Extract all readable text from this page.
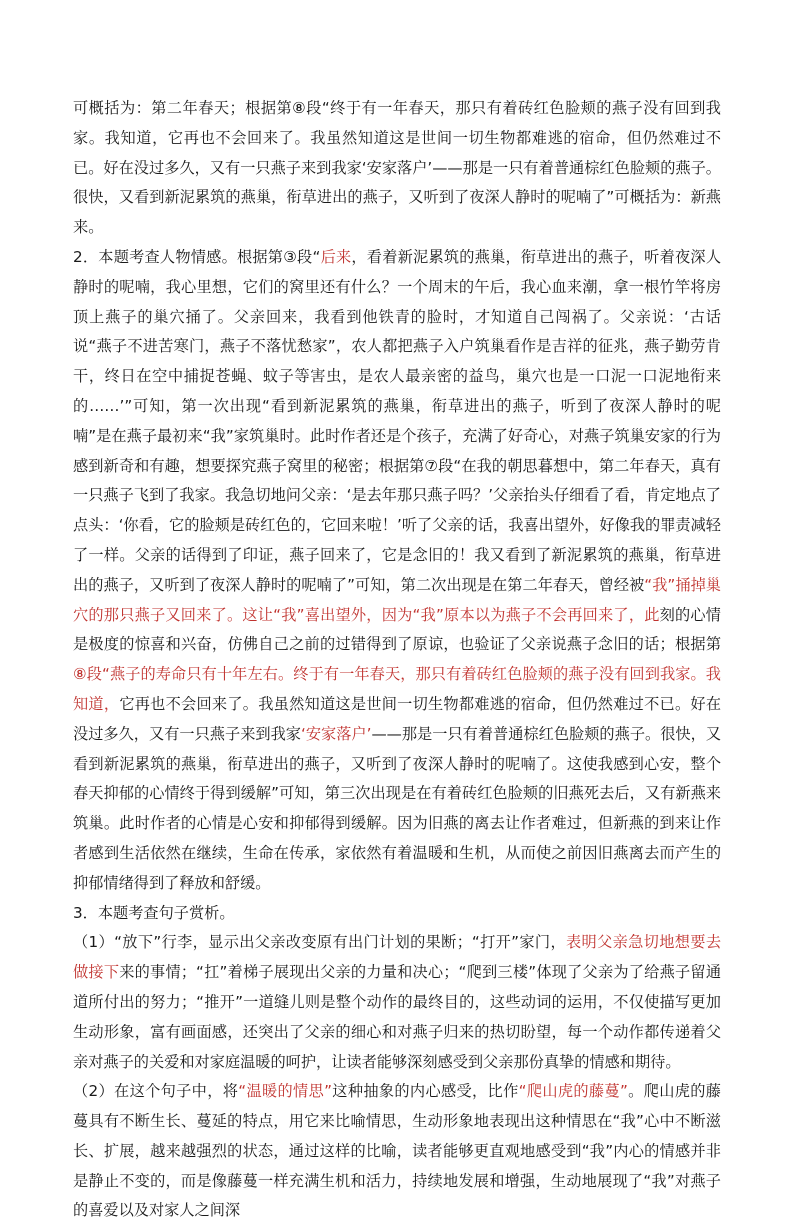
可概括为：第二年春天；根据第⑧段“终于有一年春天，那只有着砖红色脸颊的燕子没有回到我家。我知道，它再也不会回来了。我虽然知道这是世间一切生物都难逃的宿命，但仍然难过不已。好在没过多久，又有一只燕子来到我家‘安家落户’——那是一只有着普通棕红色脸颊的燕子。很快，又看到新泥累筑的燕巢，衔草进出的燕子，又听到了夜深人静时的呢喃了”可概括为：新燕来。

2．本题考查人物情感。根据第③段“后来，看着新泥累筑的燕巢，衔草进出的燕子，听着夜深人静时的呢喃，我心里想，它们的窝里还有什么？一个周末的午后，我心血来潮，拿一根竹竿将房顶上燕子的巢穴捅了。父亲回来，我看到他铁青的脸时，才知道自己闯祸了。父亲说：‘古话说“燕子不进苦寒门，燕子不落忧愁家”，农人都把燕子入户筑巢看作是吉祥的征兆，燕子勤劳肯干，终日在空中捕捉苍蝇、蚊子等害虫，是农人最亲密的益鸟，巢穴也是一口泥一口泥地衔来的……’”可知，第一次出现“看到新泥累筑的燕巢，衔草进出的燕子，听到了夜深人静时的呢喃”是在燕子最初来“我”家筑巢时。此时作者还是个孩子，充满了好奇心，对燕子筑巢安家的行为感到新奇和有趣，想要探究燕子窝里的秘密；根据第⑦段“在我的朝思暮想中，第二年春天，真有一只燕子飞到了我家。我急切地问父亲：‘是去年那只燕子吗？’父亲抬头仔细看了看，肯定地点了点头：‘你看，它的脸颊是砖红色的，它回来啦！’听了父亲的话，我喜出望外，好像我的罪责减轻了一样。父亲的话得到了印证，燕子回来了，它是念旧的！我又看到了新泥累筑的燕巢，衔草进出的燕子，又听到了夜深人静时的呢喃了”可知，第二次出现是在第二年春天，曾经被“我”捅掉巢穴的那只燕子又回来了。这让“我”喜出望外，因为“我”原本以为燕子不会再回来了，此刻的心情是极度的惊喜和兴奋，仿佛自己之前的过错得到了原谅，也验证了父亲说燕子念旧的话；根据第⑧段“燕子的寿命只有十年左右。终于有一年春天，那只有着砖红色脸颊的燕子没有回到我家。我知道，它再也不会回来了。我虽然知道这是世间一切生物都难逃的宿命，但仍然难过不已。好在没过多久，又有一只燕子来到我家‘安家落户’——那是一只有着普通棕红色脸颊的燕子。很快，又看到新泥累筑的燕巢，衔草进出的燕子，又听到了夜深人静时的呢喃了。这使我感到心安，整个春天抑郁的心情终于得到缓解”可知，第三次出现是在有着砖红色脸颊的旧燕死去后，又有新燕来筑巢。此时作者的心情是心安和抑郁得到缓解。因为旧燕的离去让作者难过，但新燕的到来让作者感到生活依然在继续，生命在传承，家依然有着温暖和生机，从而使之前因旧燕离去而产生的抑郁情绪得到了释放和舒缓。

3．本题考查句子赏析。

（1）“放下”行李，显示出父亲改变原有出门计划的果断；“打开”家门，表明父亲急切地想要去做接下来的事情；“扛”着梯子展现出父亲的力量和决心；“爬到三楼”体现了父亲为了给燕子留通道所付出的努力；“推开”一道缝儿则是整个动作的最终目的，这些动词的运用，不仅使描写更加生动形象，富有画面感，还突出了父亲的细心和对燕子归来的热切盼望，每一个动作都传递着父亲对燕子的关爱和对家庭温暖的呵护，让读者能够深刻感受到父亲那份真挚的情感和期待。

（2）在这个句子中，将“温暖的情思”这种抽象的内心感受，比作“爬山虎的藤蔓”。爬山虎的藤蔓具有不断生长、蔓延的特点，用它来比喻情思，生动形象地表现出这种情思在“我”心中不断滋长、扩展，越来越强烈的状态，通过这样的比喻，读者能够更直观地感受到“我”内心的情感并非是静止不变的，而是像藤蔓一样充满生机和活力，持续地发展和增强，生动地展现了“我”对燕子的喜爱以及对家人之间深
